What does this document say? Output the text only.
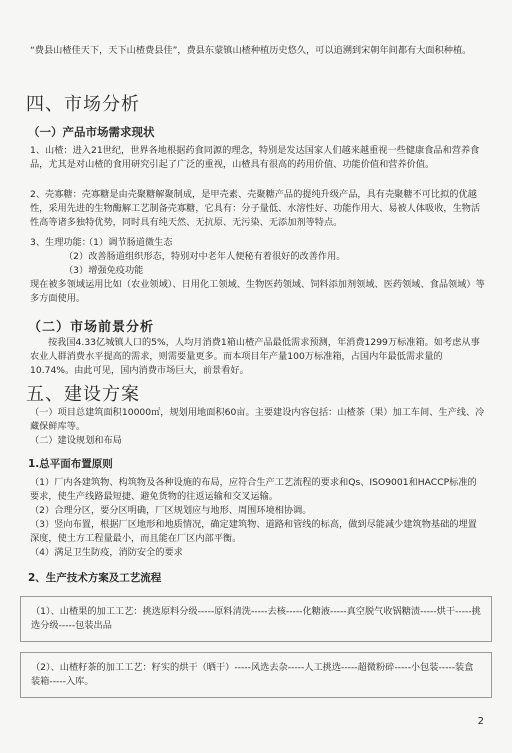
“费县山楂佳天下，天下山楂费县佳”，费县东蒙镇山楂种植历史悠久，可以追溯到宋朝年间都有大面积种植。

四、市场分析
（一）产品市场需求现状

1、山楂：进入21世纪，世界各地根据药食同源的理念，特别是发达国家人们越来越重视一些健康食品和营养食品，尤其是对山楂的食用研究引起了广泛的重视，山楂具有很高的药用价值、功能价值和营养价值。

2、壳寡糖：壳寡糖是由壳聚糖解聚制成，是甲壳素、壳聚糖产品的提纯升级产品，具有壳聚糖不可比拟的优越性，采用先进的生物酶解工艺制备壳寡糖，它具有：分子量低、水溶性好、功能作用大、易被人体吸收，生物活性高等诸多独特优势，同时具有纯天然、无抗原、无污染、无添加剂等特点。

3、生理功能：

（1）调节肠道微生态

（2）改善肠道组织形态，特别对中老年人便秘有着很好的改善作用。

（3）增强免疫功能

现在被多领域运用比如（农业领域）、日用化工领域、生物医药领域、饲料添加剂领域、医药领域、食品领域）等多方面使用。

（二）市场前景分析

按我国4.33亿城镇人口的5%，人均月消费1箱山楂产品最低需求预测，年消费1299万标准箱。如考虑从事农业人群消费水平提高的需求，则需要量更多。而本项目年产量100万标准箱，占国内年最低需求量的10.74%。由此可见，国内消费市场巨大，前景看好。

五、建设方案

（一）项目总建筑面积10000㎡，规划用地面积60亩。主要建设内容包括：山楂茶（果）加工车间、生产线、冷藏保鲜库等。

（二）建设规划和布局

1.总平面布置原则

（1）厂内各建筑物、构筑物及各种设施的布局，应符合生产工艺流程的要求和Qs、ISO9001和HACCP标准的要求，使生产线路最短捷、避免货物的往返运输和交叉运输。

（2）合理分区，要分区明确，厂区规划应与地形、周围环境相协调。

（3）竖向布置，根据厂区地形和地质情况，确定建筑物、道路和管线的标高，做到尽能减少建筑物基础的埋置深度，使土方工程量最小，而且能在厂区内部平衡。

（4）满足卫生防疫，消防安全的要求

2、生产技术方案及工艺流程

（1）、山楂果的加工工艺：挑选原料分级-----原料清洗-----去核-----化糖液-----真空脱气收锅糖渍-----烘干-----挑选分级-----包装出品

（2）、山楂籽茶的加工工艺：籽实的烘干（晒干）-----风选去杂-----人工挑选-----超微粉碎-----小包装-----装盒装箱-----入库。

2
